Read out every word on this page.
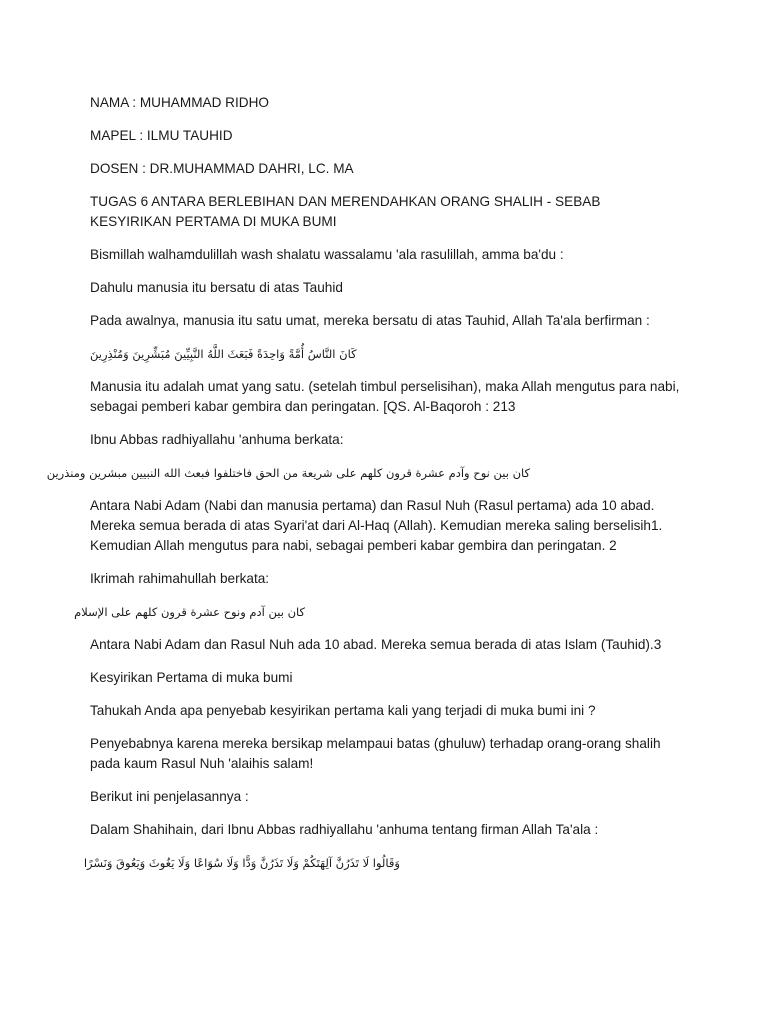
NAMA : MUHAMMAD RIDHO

MAPEL : ILMU TAUHID

DOSEN : DR.MUHAMMAD DAHRI, LC. MA

TUGAS 6 ANTARA BERLEBIHAN DAN MERENDAHKAN ORANG SHALIH - SEBAB KESYIRIKAN PERTAMA DI MUKA BUMI

Bismillah walhamdulillah wash shalatu wassalamu 'ala rasulillah, amma ba'du :

Dahulu manusia itu bersatu di atas Tauhid

Pada awalnya, manusia itu satu umat, mereka bersatu di atas Tauhid, Allah Ta'ala berfirman :

كَانَ النَّاسُ أُمَّةً وَاحِدَةً فَبَعَثَ اللَّهُ النَّبِيِّينَ مُبَشِّرِينَ وَمُنْذِرِينَ

Manusia itu adalah umat yang satu. (setelah timbul perselisihan), maka Allah mengutus para nabi, sebagai pemberi kabar gembira dan peringatan. [QS. Al-Baqoroh : 213

Ibnu Abbas radhiyallahu 'anhuma berkata:

كان بين نوح وآدم عشرة قرون كلهم على شريعة من الحق فاختلفوا فبعث الله النبيين مبشرين ومنذرين

Antara Nabi Adam (Nabi dan manusia pertama) dan Rasul Nuh (Rasul pertama) ada 10 abad. Mereka semua berada di atas Syari'at dari Al-Haq (Allah). Kemudian mereka saling berselisih1. Kemudian Allah mengutus para nabi, sebagai pemberi kabar gembira dan peringatan. 2

Ikrimah rahimahullah berkata:

كان بين آدم ونوح عشرة قرون كلهم على الإسلام

Antara Nabi Adam dan Rasul Nuh ada 10 abad. Mereka semua berada di atas Islam (Tauhid).3

Kesyirikan Pertama di muka bumi

Tahukah Anda apa penyebab kesyirikan pertama kali yang terjadi di muka bumi ini ?

Penyebabnya karena mereka bersikap melampaui batas (ghuluw) terhadap orang-orang shalih pada kaum Rasul Nuh 'alaihis salam!

Berikut ini penjelasannya :

Dalam Shahihain, dari Ibnu Abbas radhiyallahu 'anhuma tentang firman Allah Ta'ala :

وَقَالُوا لَا تَذَرُنَّ آلِهَتَكُمْ وَلَا تَذَرُنَّ وَدًّا وَلَا سُوَاعًا وَلَا يَغُوثَ وَيَعُوقَ وَنَسْرًا
